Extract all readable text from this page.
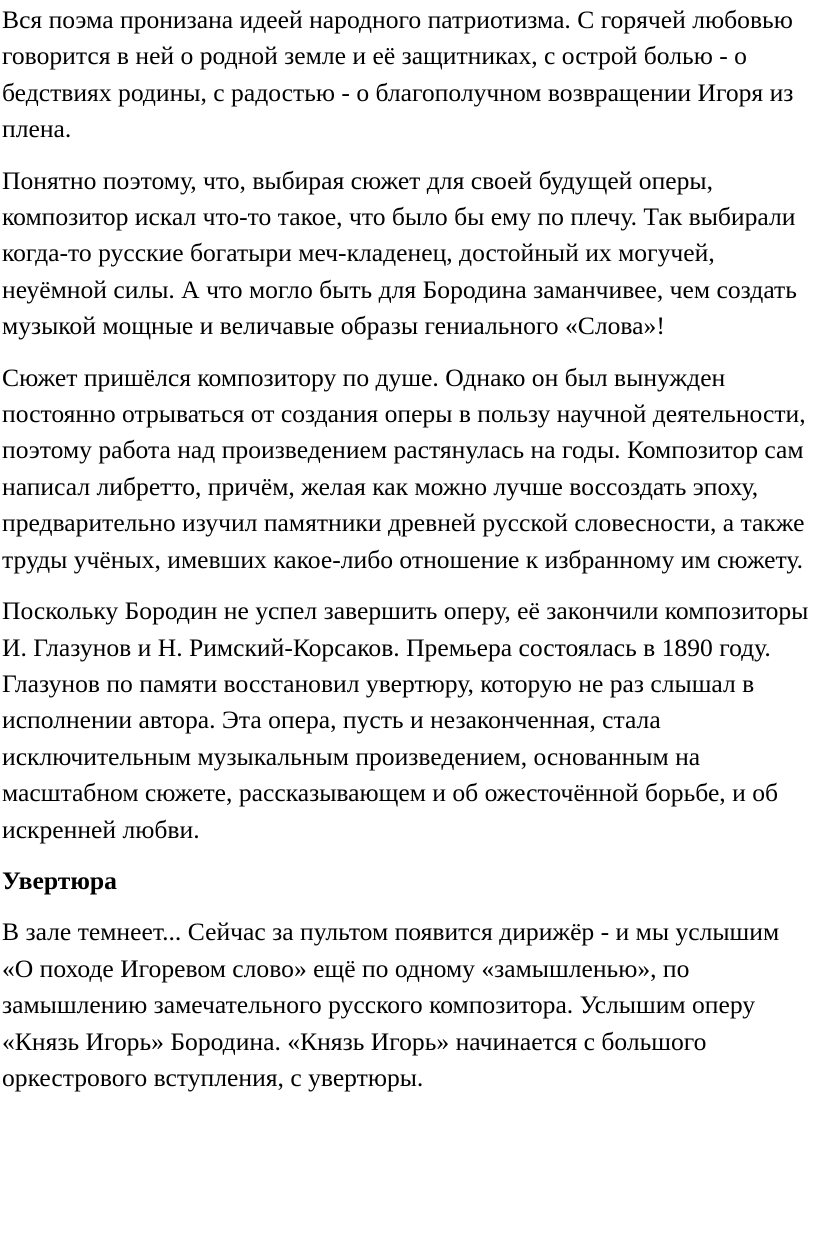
Вся поэма пронизана идеей народного патриотизма. С горячей любовью говорится в ней о родной земле и её защитниках, с острой болью - о бедствиях родины, с радостью - о благополучном возвращении Игоря из плена.

Понятно поэтому, что, выбирая сюжет для своей будущей оперы, композитор искал что-то такое, что было бы ему по плечу. Так выбирали когда-то русские богатыри меч-кладенец, достойный их могучей, неуёмной силы. А что могло быть для Бородина заманчивее, чем создать музыкой мощные и величавые образы гениального «Слова»!

Сюжет пришёлся композитору по душе. Однако он был вынужден постоянно отрываться от создания оперы в пользу научной деятельности, поэтому работа над произведением растянулась на годы. Композитор сам написал либретто, причём, желая как можно лучше воссоздать эпоху, предварительно изучил памятники древней русской словесности, а также труды учёных, имевших какое-либо отношение к избранному им сюжету.

Поскольку Бородин не успел завершить оперу, её закончили композиторы И. Глазунов и Н. Римский-Корсаков. Премьера состоялась в 1890 году. Глазунов по памяти восстановил увертюру, которую не раз слышал в исполнении автора. Эта опера, пусть и незаконченная, стала исключительным музыкальным произведением, основанным на масштабном сюжете, рассказывающем и об ожесточённой борьбе, и об искренней любви.

Увертюра

В зале темнеет... Сейчас за пультом появится дирижёр - и мы услышим «О походе Игоревом слово» ещё по одному «замышленью», по замышлению замечательного русского композитора. Услышим оперу «Князь Игорь» Бородина. «Князь Игорь» начинается с большого оркестрового вступления, с увертюры.
